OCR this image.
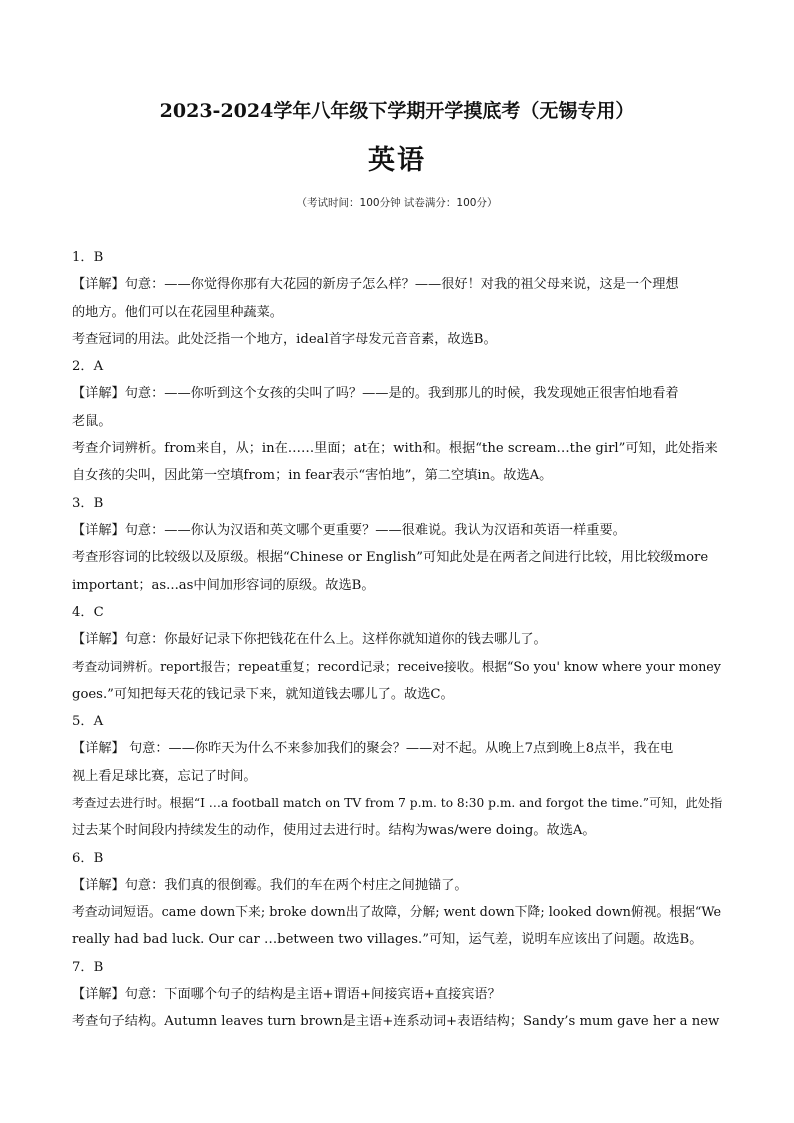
2023-2024学年八年级下学期开学摸底考（无锡专用）
英语
（考试时间：100分钟 试卷满分：100分）
1．B
【详解】句意：——你觉得你那有大花园的新房子怎么样？——很好！对我的祖父母来说，这是一个理想
的地方。他们可以在花园里种蔬菜。
考查冠词的用法。此处泛指一个地方，ideal首字母发元音音素，故选B。
2．A
【详解】句意：——你听到这个女孩的尖叫了吗？——是的。我到那儿的时候，我发现她正很害怕地看着
老鼠。
考查介词辨析。from来自，从；in在……里面；at在；with和。根据“the scream…the girl”可知，此处指来
自女孩的尖叫，因此第一空填from；in fear表示“害怕地”，第二空填in。故选A。
3．B
【详解】句意：——你认为汉语和英文哪个更重要？——很难说。我认为汉语和英语一样重要。
考查形容词的比较级以及原级。根据“Chinese or English”可知此处是在两者之间进行比较，用比较级more
important；as...as中间加形容词的原级。故选B。
4．C
【详解】句意：你最好记录下你把钱花在什么上。这样你就知道你的钱去哪儿了。
考查动词辨析。report报告；repeat重复；record记录；receive接收。根据“So you' know where your money
goes.”可知把每天花的钱记录下来，就知道钱去哪儿了。故选C。
5．A
【详解】 句意：——你昨天为什么不来参加我们的聚会？——对不起。从晚上7点到晚上8点半，我在电
视上看足球比赛，忘记了时间。
考查过去进行时。根据“I …a football match on TV from 7 p.m. to 8:30 p.m. and forgot the time.”可知，此处指
过去某个时间段内持续发生的动作，使用过去进行时。结构为was/were doing。故选A。
6．B
【详解】句意：我们真的很倒霉。我们的车在两个村庄之间抛锚了。
考查动词短语。came down下来; broke down出了故障，分解; went down下降; looked down俯视。根据“We
really had bad luck. Our car …between two villages.”可知，运气差，说明车应该出了问题。故选B。
7．B
【详解】句意：下面哪个句子的结构是主语+谓语+间接宾语+直接宾语？
考查句子结构。Autumn leaves turn brown是主语+连系动词+表语结构；Sandy’s mum gave her a new
